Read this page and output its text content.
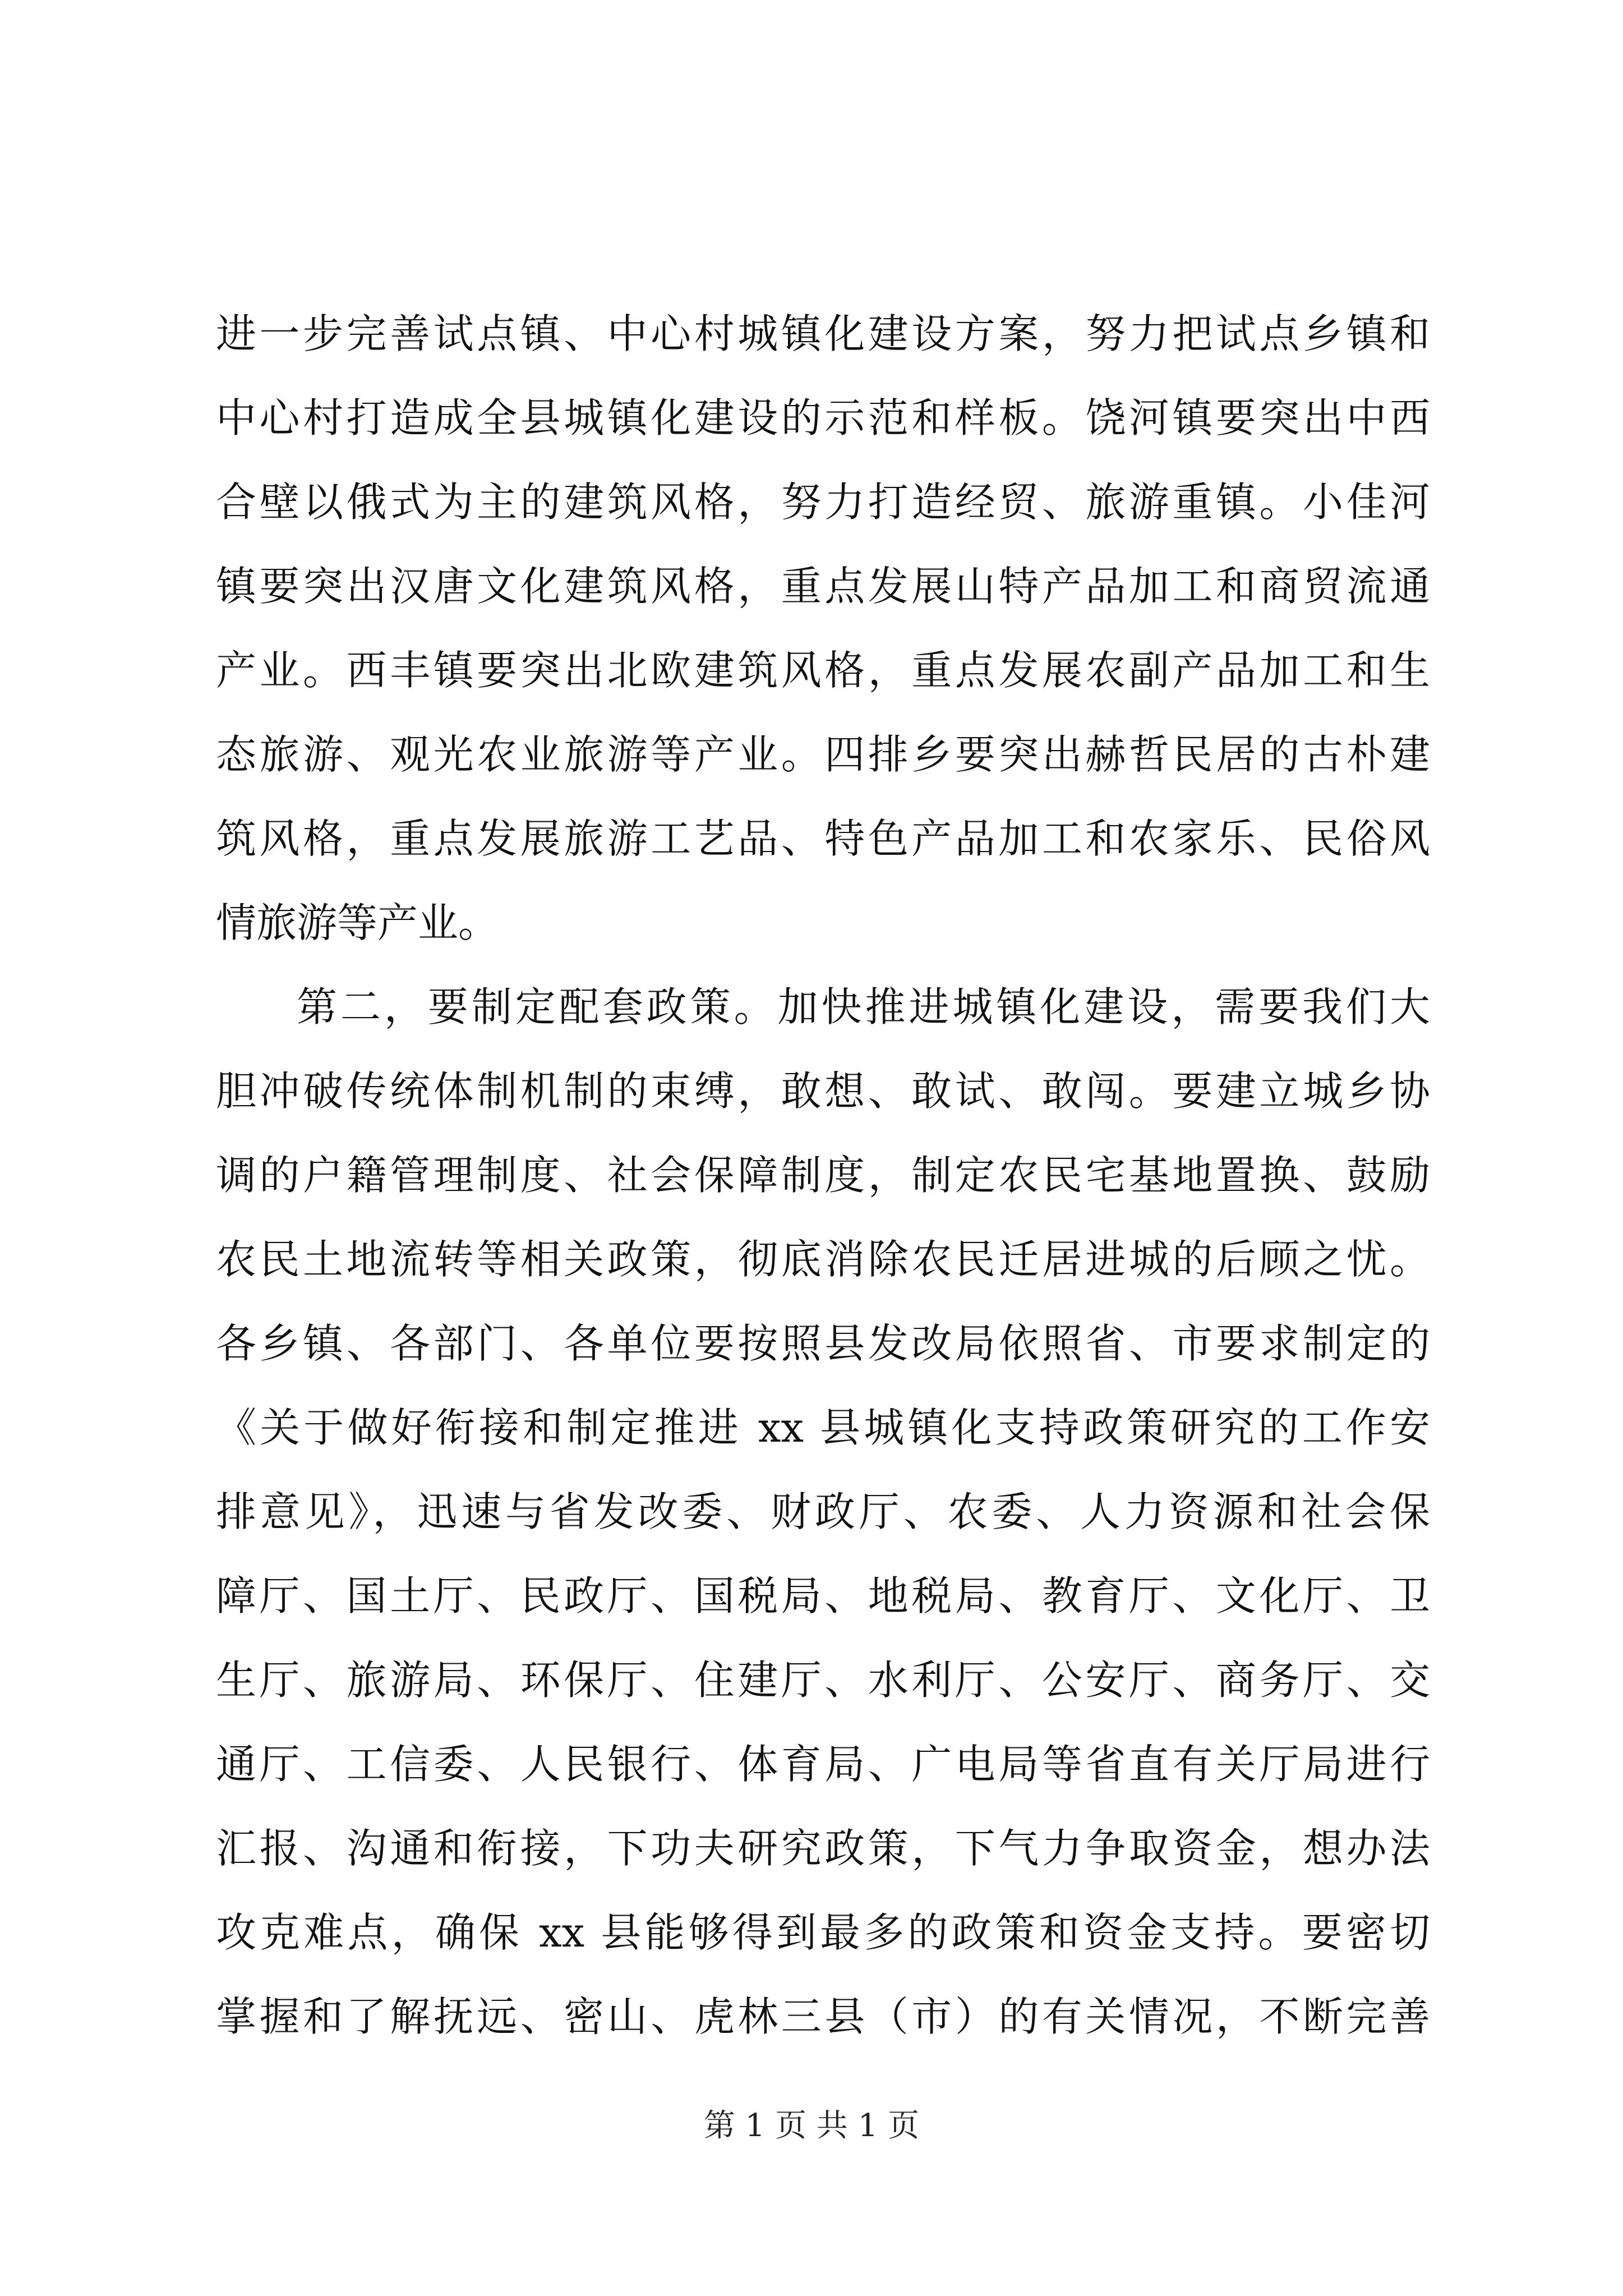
进一步完善试点镇、中心村城镇化建设方案，努力把试点乡镇和
中心村打造成全县城镇化建设的示范和样板。饶河镇要突出中西
合壁以俄式为主的建筑风格，努力打造经贸、旅游重镇。小佳河
镇要突出汉唐文化建筑风格，重点发展山特产品加工和商贸流通
产业。西丰镇要突出北欧建筑风格，重点发展农副产品加工和生
态旅游、观光农业旅游等产业。四排乡要突出赫哲民居的古朴建
筑风格，重点发展旅游工艺品、特色产品加工和农家乐、民俗风
情旅游等产业。
第二，要制定配套政策。加快推进城镇化建设，需要我们大
胆冲破传统体制机制的束缚，敢想、敢试、敢闯。要建立城乡协
调的户籍管理制度、社会保障制度，制定农民宅基地置换、鼓励
农民土地流转等相关政策，彻底消除农民迁居进城的后顾之忧。
各乡镇、各部门、各单位要按照县发改局依照省、市要求制定的
《关于做好衔接和制定推进 xx 县城镇化支持政策研究的工作安
排意见》，迅速与省发改委、财政厅、农委、人力资源和社会保
障厅、国土厅、民政厅、国税局、地税局、教育厅、文化厅、卫
生厅、旅游局、环保厅、住建厅、水利厅、公安厅、商务厅、交
通厅、工信委、人民银行、体育局、广电局等省直有关厅局进行
汇报、沟通和衔接，下功夫研究政策，下气力争取资金，想办法
攻克难点，确保 xx 县能够得到最多的政策和资金支持。要密切
掌握和了解抚远、密山、虎林三县（市）的有关情况，不断完善
第 1 页 共 1 页
